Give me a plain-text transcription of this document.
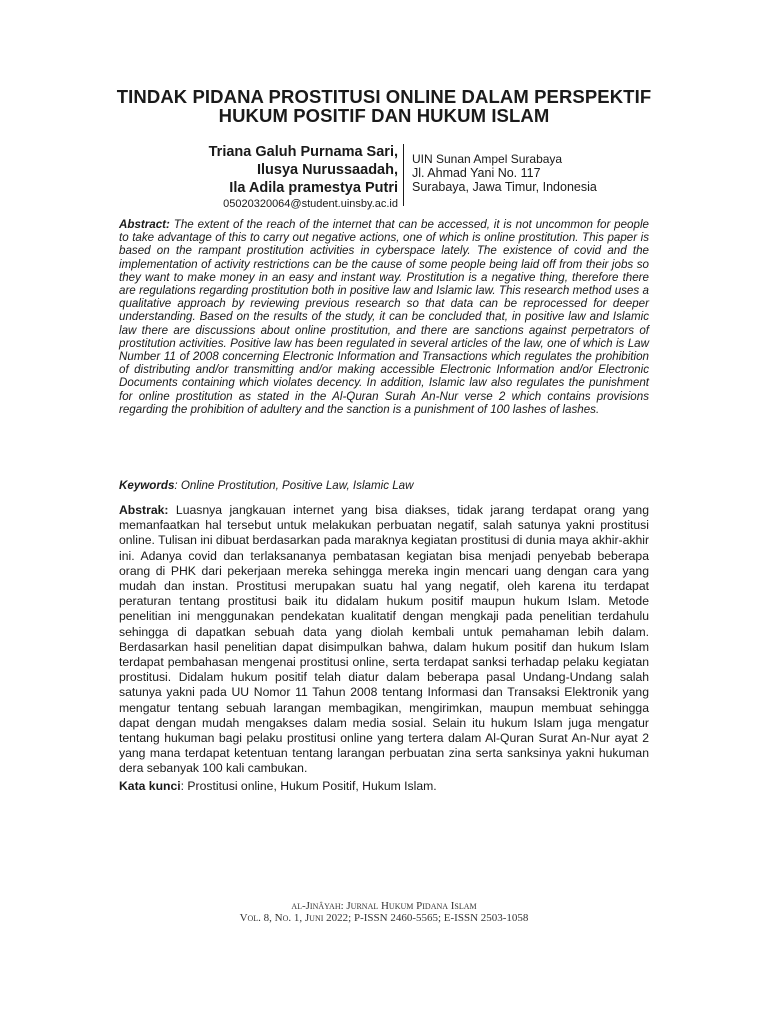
TINDAK PIDANA PROSTITUSI ONLINE DALAM PERSPEKTIF
HUKUM POSITIF DAN HUKUM ISLAM
Triana Galuh Purnama Sari,
Ilusya Nurussaadah,
Ila Adila pramestya Putri
05020320064@student.uinsby.ac.id
UIN Sunan Ampel Surabaya
Jl. Ahmad Yani No. 117
Surabaya, Jawa Timur, Indonesia
Abstract: The extent of the reach of the internet that can be accessed, it is not uncommon for people to take advantage of this to carry out negative actions, one of which is online prostitution. This paper is based on the rampant prostitution activities in cyberspace lately. The existence of covid and the implementation of activity restrictions can be the cause of some people being laid off from their jobs so they want to make money in an easy and instant way. Prostitution is a negative thing, therefore there are regulations regarding prostitution both in positive law and Islamic law. This research method uses a qualitative approach by reviewing previous research so that data can be reprocessed for deeper understanding. Based on the results of the study, it can be concluded that, in positive law and Islamic law there are discussions about online prostitution, and there are sanctions against perpetrators of prostitution activities. Positive law has been regulated in several articles of the law, one of which is Law Number 11 of 2008 concerning Electronic Information and Transactions which regulates the prohibition of distributing and/or transmitting and/or making accessible Electronic Information and/or Electronic Documents containing which violates decency. In addition, Islamic law also regulates the punishment for online prostitution as stated in the Al-Quran Surah An-Nur verse 2 which contains provisions regarding the prohibition of adultery and the sanction is a punishment of 100 lashes of lashes.
Keywords: Online Prostitution, Positive Law, Islamic Law
Abstrak: Luasnya jangkauan internet yang bisa diakses, tidak jarang terdapat orang yang memanfaatkan hal tersebut untuk melakukan perbuatan negatif, salah satunya yakni prostitusi online. Tulisan ini dibuat berdasarkan pada maraknya kegiatan prostitusi di dunia maya akhir-akhir ini. Adanya covid dan terlaksananya pembatasan kegiatan bisa menjadi penyebab beberapa orang di PHK dari pekerjaan mereka sehingga mereka ingin mencari uang dengan cara yang mudah dan instan. Prostitusi merupakan suatu hal yang negatif, oleh karena itu terdapat peraturan tentang prostitusi baik itu didalam hukum positif maupun hukum Islam. Metode penelitian ini menggunakan pendekatan kualitatif dengan mengkaji pada penelitian terdahulu sehingga di dapatkan sebuah data yang diolah kembali untuk pemahaman lebih dalam. Berdasarkan hasil penelitian dapat disimpulkan bahwa, dalam hukum positif dan hukum Islam terdapat pembahasan mengenai prostitusi online, serta terdapat sanksi terhadap pelaku kegiatan prostitusi. Didalam hukum positif telah diatur dalam beberapa pasal Undang-Undang salah satunya yakni pada UU Nomor 11 Tahun 2008 tentang Informasi dan Transaksi Elektronik yang mengatur tentang sebuah larangan membagikan, mengirimkan, maupun membuat sehingga dapat dengan mudah mengakses dalam media sosial. Selain itu hukum Islam juga mengatur tentang hukuman bagi pelaku prostitusi online yang tertera dalam Al-Quran Surat An-Nur ayat 2 yang mana terdapat ketentuan tentang larangan perbuatan zina serta sanksinya yakni hukuman dera sebanyak 100 kali cambukan.
Kata kunci: Prostitusi online, Hukum Positif, Hukum Islam.
al-Jinâyah: Jurnal Hukum Pidana Islam
Vol. 8, No. 1, Juni 2022; P-ISSN 2460-5565; E-ISSN 2503-1058
